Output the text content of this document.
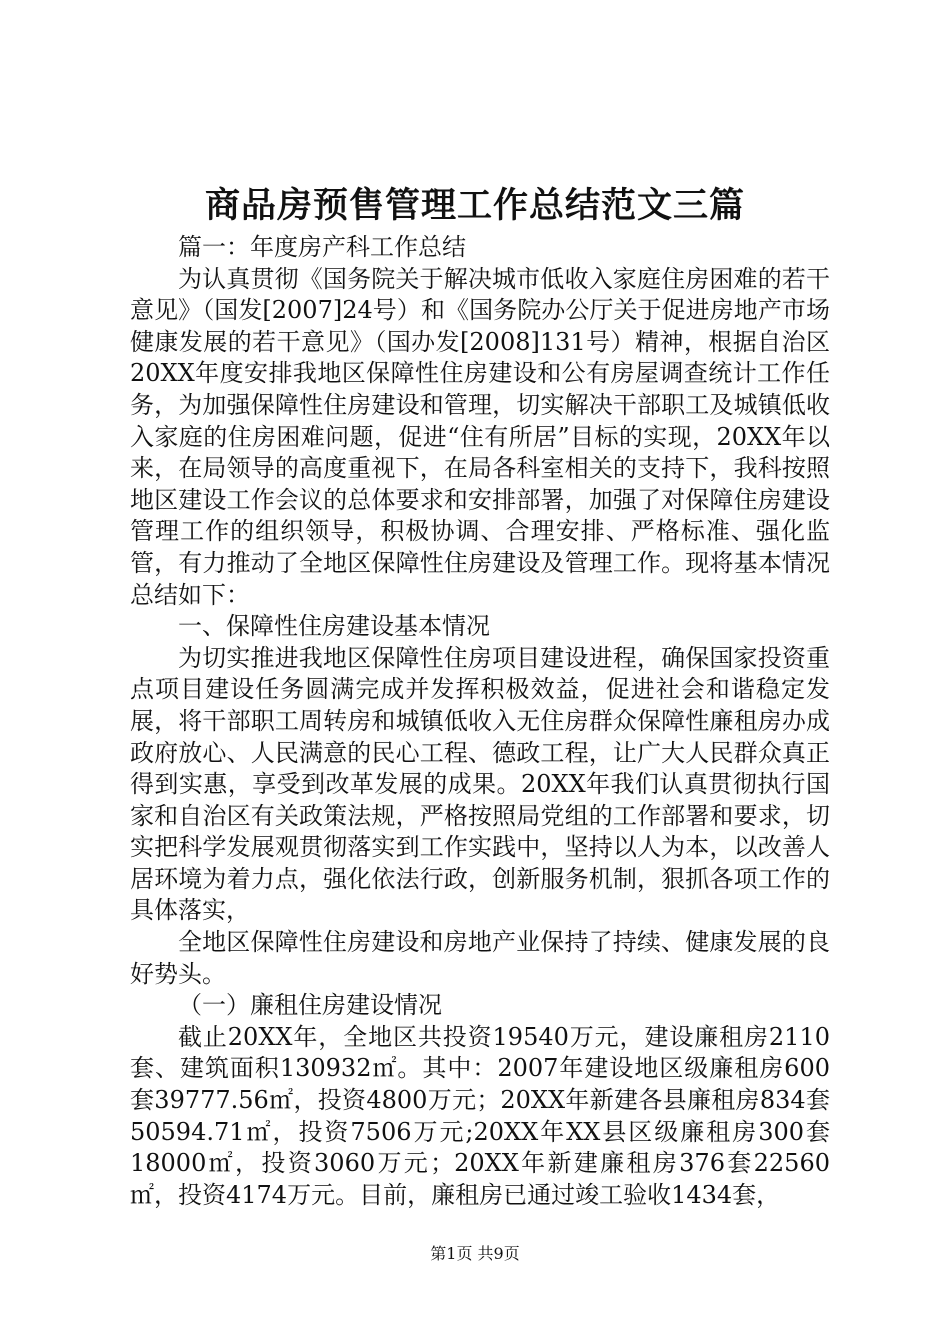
商品房预售管理工作总结范文三篇

篇一：年度房产科工作总结

为认真贯彻《国务院关于解决城市低收入家庭住房困难的若干意见》（国发[2007]24号）和《国务院办公厅关于促进房地产市场健康发展的若干意见》（国办发[2008]131号）精神，根据自治区20XX年度安排我地区保障性住房建设和公有房屋调查统计工作任务，为加强保障性住房建设和管理，切实解决干部职工及城镇低收入家庭的住房困难问题，促进“住有所居”目标的实现，20XX年以来，在局领导的高度重视下，在局各科室相关的支持下，我科按照地区建设工作会议的总体要求和安排部署，加强了对保障住房建设管理工作的组织领导，积极协调、合理安排、严格标准、强化监管，有力推动了全地区保障性住房建设及管理工作。现将基本情况总结如下：

一、保障性住房建设基本情况

为切实推进我地区保障性住房项目建设进程，确保国家投资重点项目建设任务圆满完成并发挥积极效益，促进社会和谐稳定发展，将干部职工周转房和城镇低收入无住房群众保障性廉租房办成政府放心、人民满意的民心工程、德政工程，让广大人民群众真正得到实惠，享受到改革发展的成果。20XX年我们认真贯彻执行国家和自治区有关政策法规，严格按照局党组的工作部署和要求，切实把科学发展观贯彻落实到工作实践中，坚持以人为本，以改善人居环境为着力点，强化依法行政，创新服务机制，狠抓各项工作的具体落实，

全地区保障性住房建设和房地产业保持了持续、健康发展的良好势头。

（一）廉租住房建设情况

截止20XX年，全地区共投资19540万元，建设廉租房2110套、建筑面积130932㎡。其中：2007年建设地区级廉租房600套39777.56㎡，投资4800万元；20XX年新建各县廉租房834套50594.71㎡，投资7506万元;20XX年XX县区级廉租房300套18000㎡，投资3060万元；20XX年新建廉租房376套22560㎡，投资4174万元。目前，廉租房已通过竣工验收1434套，

第1页 共9页
